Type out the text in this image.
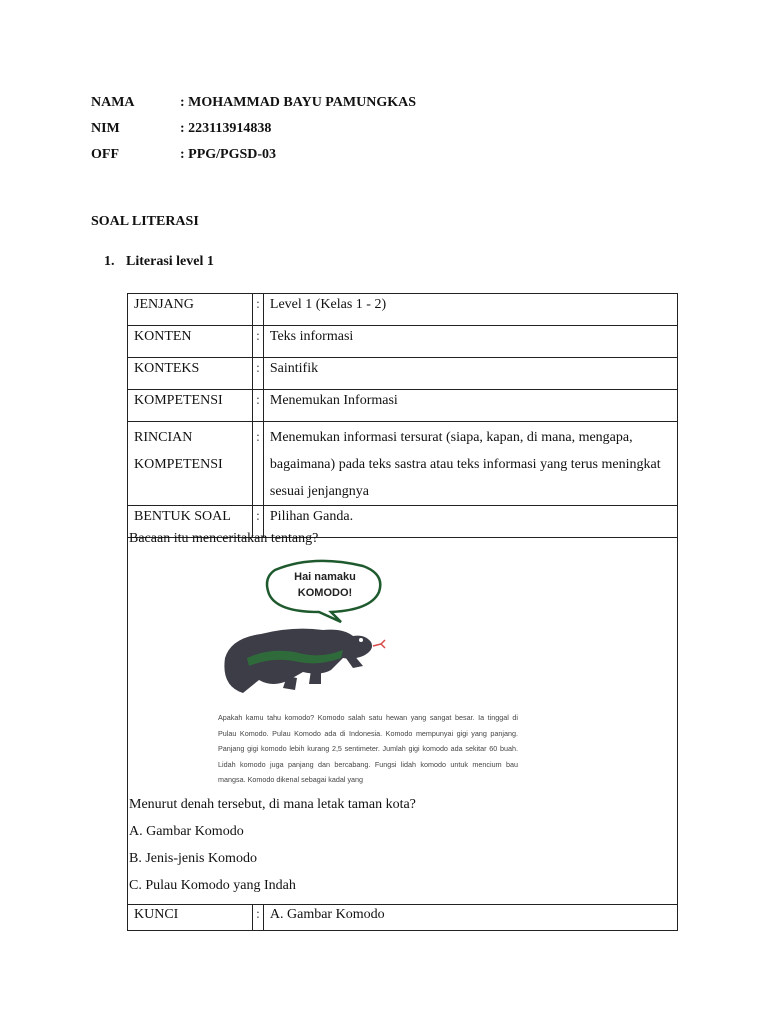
NAMA	: MOHAMMAD BAYU PAMUNGKAS
NIM	: 223113914838
OFF	: PPG/PGSD-03
SOAL LITERASI
1. Literasi level 1
JENJANG	:	Level 1 (Kelas 1 - 2)
KONTEN	:	Teks informasi
KONTEKS	:	Saintifik
KOMPETENSI	:	Menemukan Informasi
RINCIAN KOMPETENSI	:	Menemukan informasi tersurat (siapa, kapan, di mana, mengapa, bagaimana) pada teks sastra atau teks informasi yang terus meningkat sesuai jenjangnya
BENTUK SOAL	:	Pilihan Ganda.
Bacaan itu menceritakan tentang?
Hai namaku
KOMODO!
Apakah kamu tahu komodo? Komodo salah satu hewan yang sangat besar. Ia tinggal di Pulau Komodo. Pulau Komodo ada di Indonesia. Komodo mempunyai gigi yang panjang. Panjang gigi komodo lebih kurang 2,5 sentimeter. Jumlah gigi komodo ada sekitar 60 buah. Lidah komodo juga panjang dan bercabang. Fungsi lidah komodo untuk mencium bau mangsa. Komodo dikenal sebagai kadal yang
Menurut denah tersebut, di mana letak taman kota?
A. Gambar Komodo
B. Jenis-jenis Komodo
C. Pulau Komodo yang Indah
KUNCI	:	A. Gambar Komodo
